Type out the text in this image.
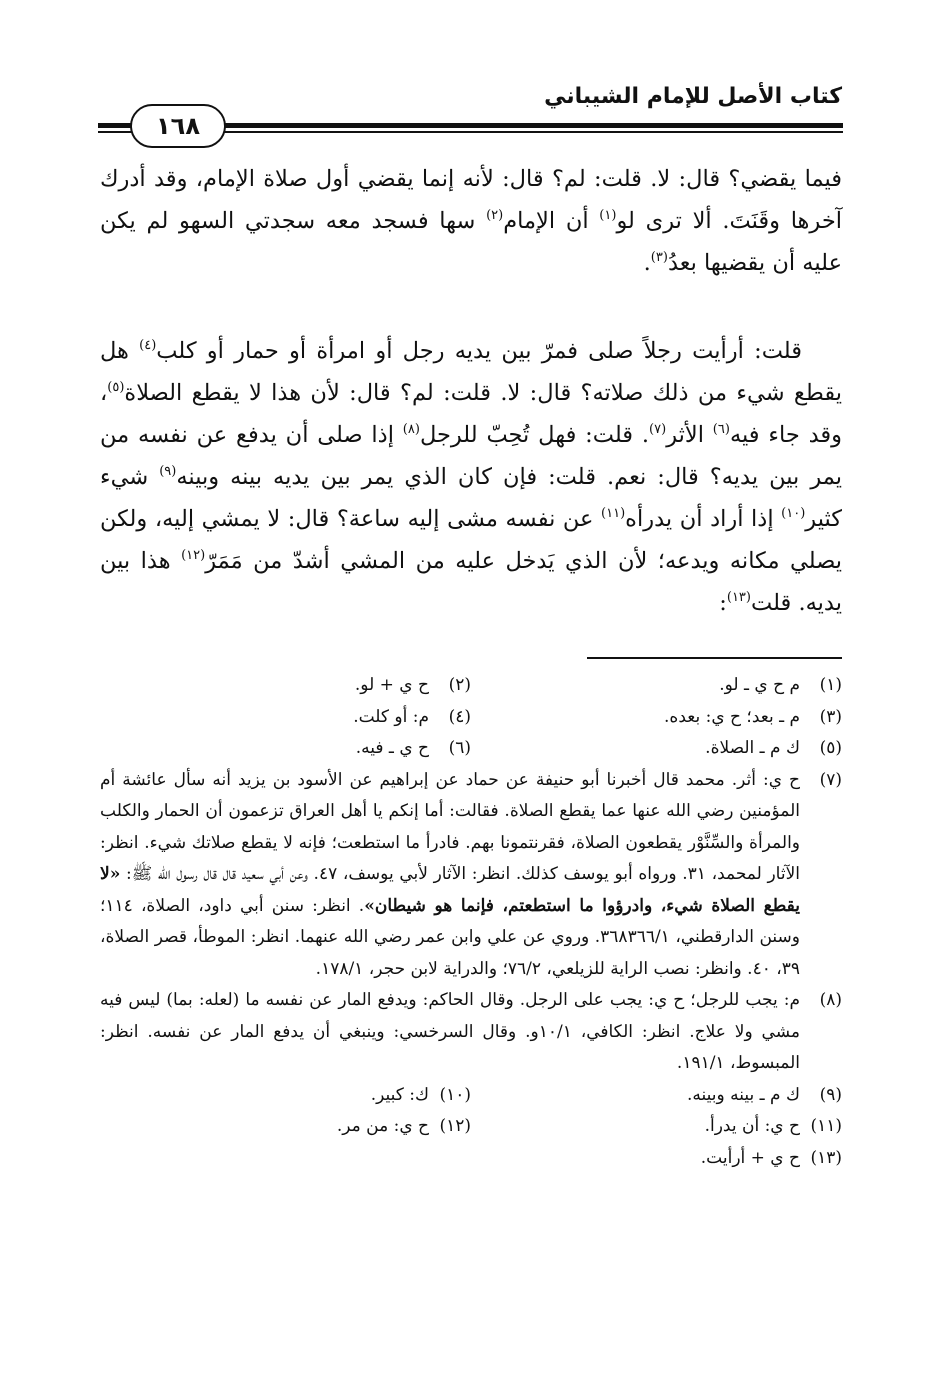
كتاب الأصل للإمام الشيباني
١٦٨

فيما يقضي؟ قال: لا. قلت: لم؟ قال: لأنه إنما يقضي أول صلاة الإمام، وقد أدرك آخرها وقَنَتَ. ألا ترى لو$^{(١)}$ أن الإمام$^{(٢)}$ سها فسجد معه سجدتي السهو لم يكن عليه أن يقضيها بعدُ$^{(٣)}$.

قلت: أرأيت رجلاً صلى فمرّ بين يديه رجل أو امرأة أو حمار أو كلب$^{(٤)}$ هل يقطع شيء من ذلك صلاته؟ قال: لا. قلت: لم؟ قال: لأن هذا لا يقطع الصلاة$^{(٥)}$، وقد جاء فيه$^{(٦)}$ الأثر$^{(٧)}$. قلت: فهل تُحِبّ للرجل$^{(٨)}$ إذا صلى أن يدفع عن نفسه من يمر بين يديه؟ قال: نعم. قلت: فإن كان الذي يمر بين يديه بينه وبينه$^{(٩)}$ شيء كثير$^{(١٠)}$ إذا أراد أن يدرأه$^{(١١)}$ عن نفسه مشى إليه ساعة؟ قال: لا يمشي إليه، ولكن يصلي مكانه ويدعه؛ لأن الذي يَدخل عليه من المشي أشدّ من مَمَرّ$^{(١٢)}$ هذا بين يديه. قلت$^{(١٣)}$:

(١)
م ح ي ـ لو.
(٢)
ح ي + لو.
(٣)
م ـ بعد؛ ح ي: بعده.
(٤)
م: أو كلت.
(٥)
ك م ـ الصلاة.
(٦)
ح ي ـ فيه.
(٧)
ح ي: أثر. محمد قال أخبرنا أبو حنيفة عن حماد عن إبراهيم عن الأسود بن يزيد أنه سأل عائشة أم المؤمنين رضي الله عنها عما يقطع الصلاة. فقالت: أما إنكم يا أهل العراق تزعمون أن الحمار والكلب والمرأة والسِّنَّوْر يقطعون الصلاة، فقرنتمونا بهم. فادرأ ما استطعت؛ فإنه لا يقطع صلاتك شيء. انظر: الآثار لمحمد، ٣١. ورواه أبو يوسف كذلك. انظر: الآثار لأبي يوسف، ٤٧. وعن أبي سعيد قال قال رسول الله ﷺ: «لا يقطع الصلاة شيء، وادرؤوا ما استطعتم، فإنما هو شيطان». انظر: سنن أبي داود، الصلاة، ١١٤؛ وسنن الدارقطني، ٣٦٨٣٦٦/١. وروي عن علي وابن عمر رضي الله عنهما. انظر: الموطأ، قصر الصلاة، ٣٩، ٤٠. وانظر: نصب الراية للزيلعي، ٧٦/٢؛ والدراية لابن حجر، ١٧٨/١.
(٨)
م: يجب للرجل؛ ح ي: يجب على الرجل. وقال الحاكم: ويدفع المار عن نفسه ما (لعله: بما) ليس فيه مشي ولا علاج. انظر: الكافي، ١٠/١و. وقال السرخسي: وينبغي أن يدفع المار عن نفسه. انظر: المبسوط، ١٩١/١.
(٩)
ك م ـ بينه وبينه.
(١٠)
ك: كبير.
(١١)
ح ي: أن يدرأ.
(١٢)
ح ي: من مر.
(١٣)
ح ي + أرأيت.
